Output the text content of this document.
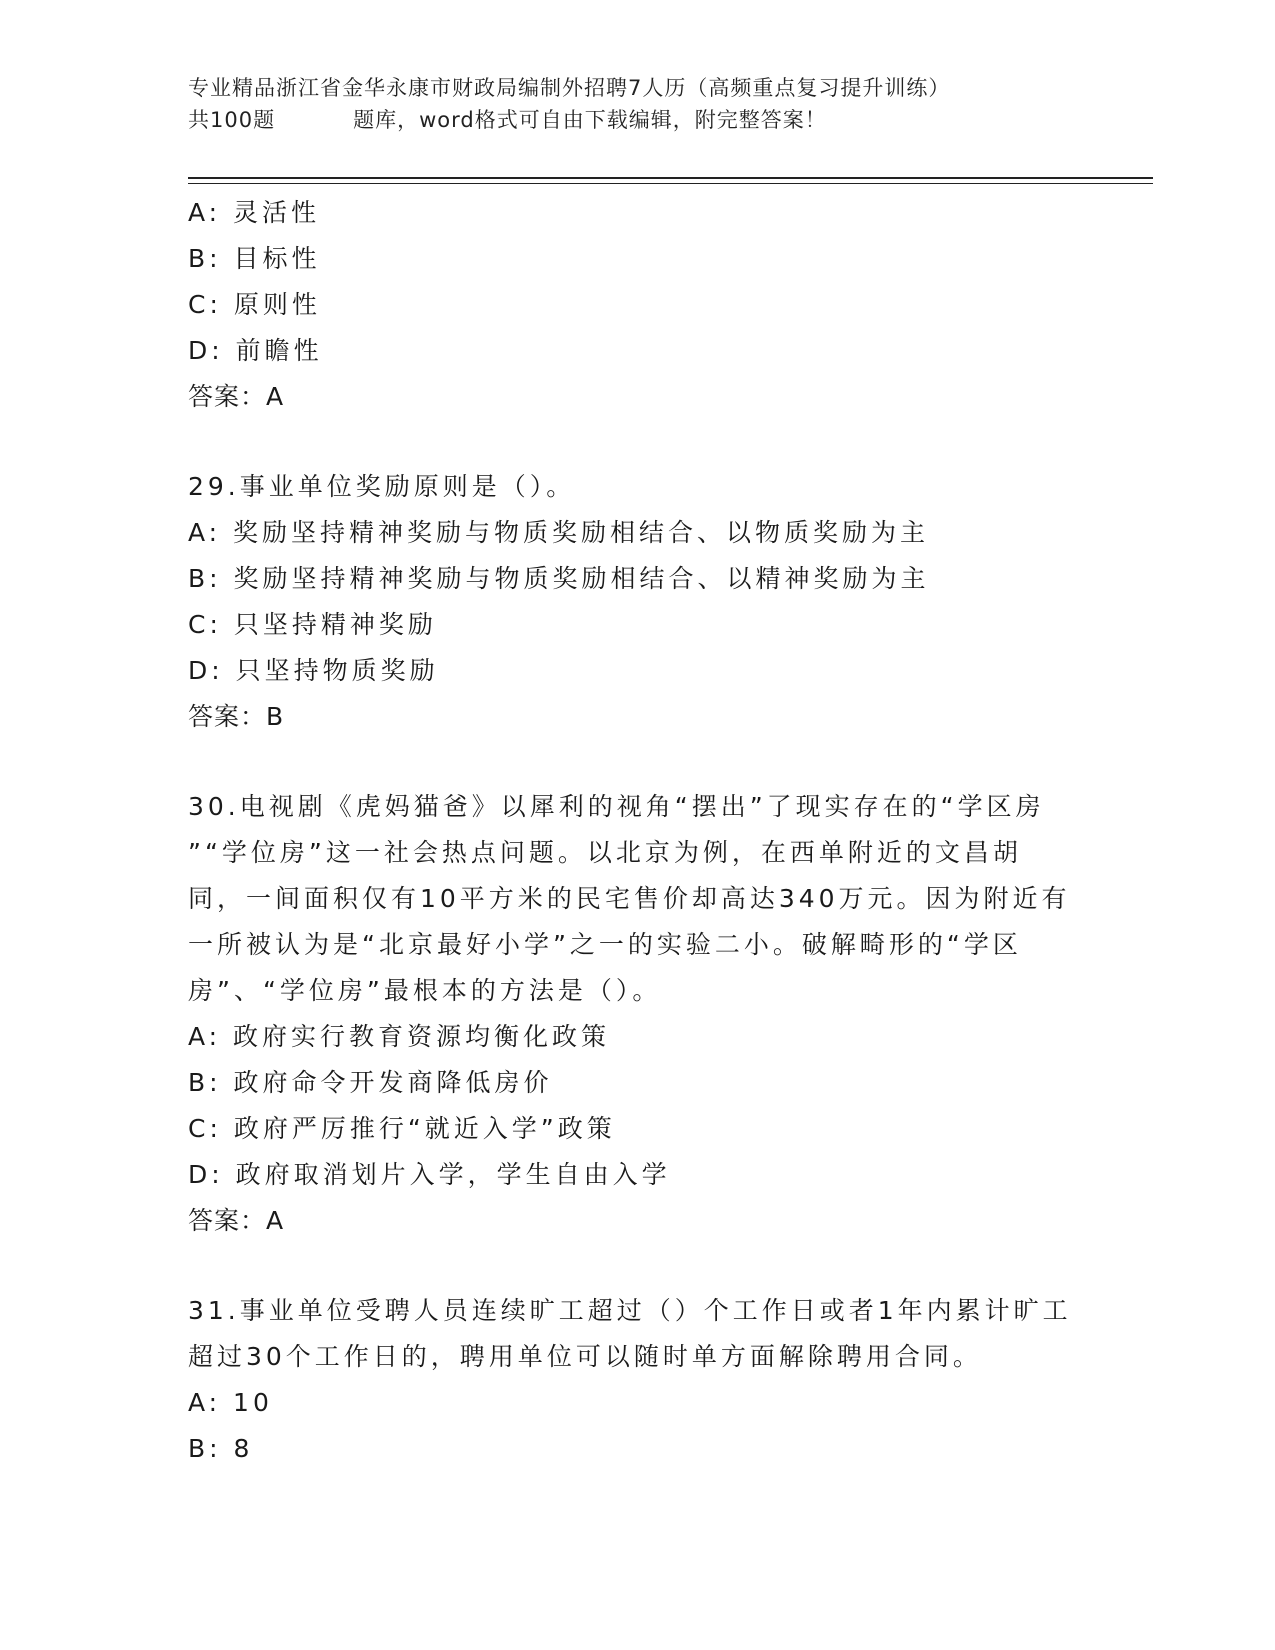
专业精品浙江省金华永康市财政局编制外招聘7人历（高频重点复习提升训练）
共100题	题库，word格式可自由下载编辑，附完整答案！
A: 灵活性
B: 目标性
C: 原则性
D: 前瞻性
答案：A
29.事业单位奖励原则是（）。
A: 奖励坚持精神奖励与物质奖励相结合、以物质奖励为主
B: 奖励坚持精神奖励与物质奖励相结合、以精神奖励为主
C: 只坚持精神奖励
D: 只坚持物质奖励
答案：B
30.电视剧《虎妈猫爸》以犀利的视角“摆出”了现实存在的“学区房
”“学位房”这一社会热点问题。以北京为例，在西单附近的文昌胡
同，一间面积仅有10平方米的民宅售价却高达340万元。因为附近有
一所被认为是“北京最好小学”之一的实验二小。破解畸形的“学区
房”、“学位房”最根本的方法是（）。
A: 政府实行教育资源均衡化政策
B: 政府命令开发商降低房价
C: 政府严厉推行“就近入学”政策
D: 政府取消划片入学，学生自由入学
答案：A
31.事业单位受聘人员连续旷工超过（）个工作日或者1年内累计旷工
超过30个工作日的，聘用单位可以随时单方面解除聘用合同。
A: 10
B: 8
